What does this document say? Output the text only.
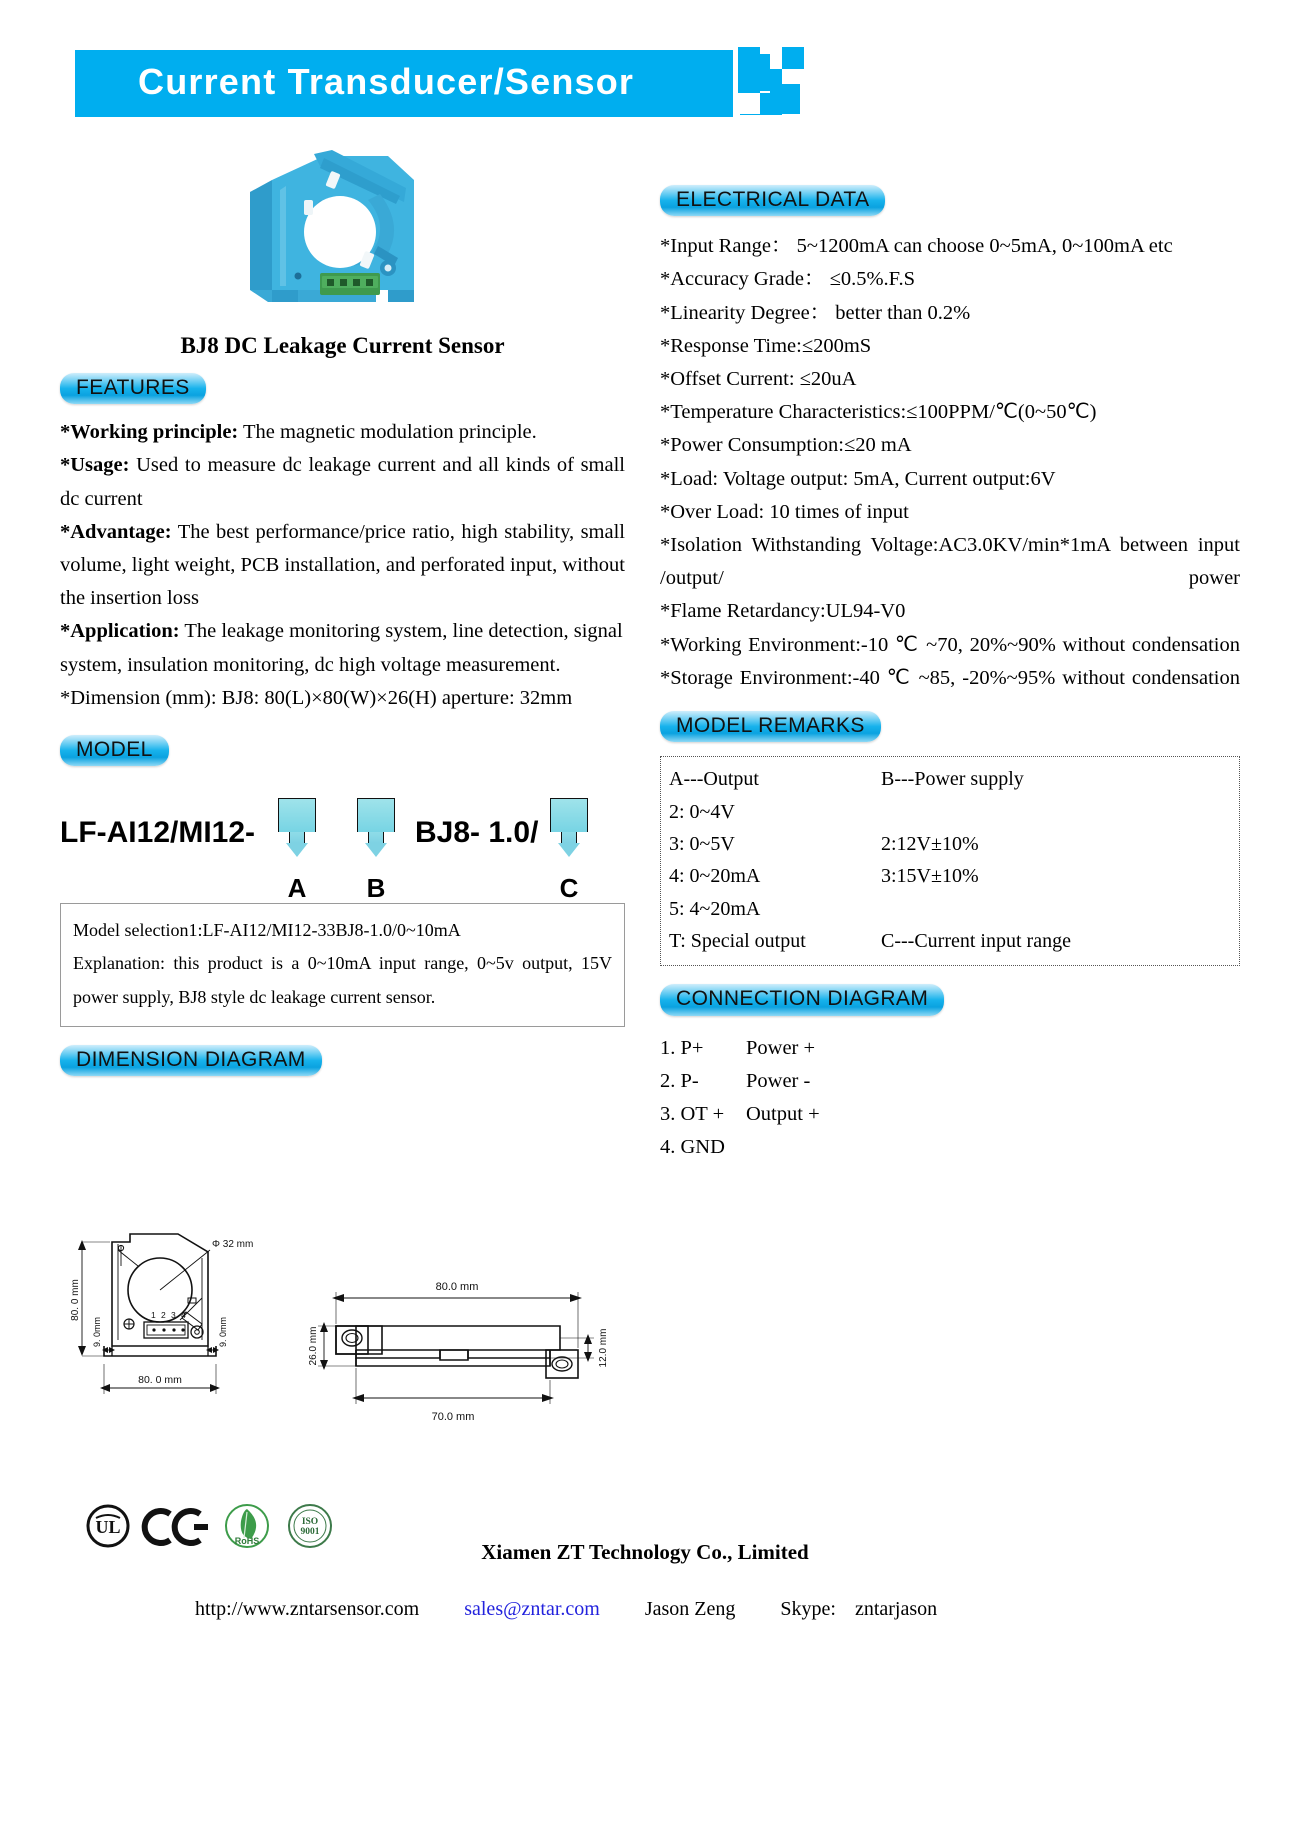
Current Transducer/Sensor
BJ8 DC Leakage Current Sensor
FEATURES

*Working principle: The magnetic modulation principle.

*Usage: Used to measure dc leakage current and all kinds of small dc current

*Advantage: The best performance/price ratio, high stability, small volume, light weight, PCB installation, and perforated input, without the insertion loss

*Application: The leakage monitoring system, line detection, signal

system, insulation monitoring, dc high voltage measurement.

*Dimension (mm): BJ8: 80(L)×80(W)×26(H) aperture: 32mm

MODEL
LF-AI12/MI12-
A	B
BJ8- 1.0/
C

Model selection1:LF-AI12/MI12-33BJ8-1.0/0~10mA

Explanation: this product is a 0~10mA input range, 0~5v output, 15V

power supply, BJ8 style dc leakage current sensor.

DIMENSION DIAGRAM
ELECTRICAL DATA

*Input Range： 5~1200mA can choose 0~5mA, 0~100mA etc

*Accuracy Grade： ≤0.5%.F.S

*Linearity Degree： better than 0.2%

*Response Time:≤200mS

*Offset Current: ≤20uA

*Temperature Characteristics:≤100PPM/℃(0~50℃)

*Power Consumption:≤20 mA

*Load: Voltage output: 5mA, Current output:6V

*Over Load: 10 times of input

*Isolation Withstanding Voltage:AC3.0KV/min*1mA between input /output/ power

*Flame Retardancy:UL94-V0

*Working Environment:-10 ℃ ~70, 20%~90% without condensation

*Storage Environment:-40 ℃ ~85, -20%~95% without condensation

MODEL REMARKS
A---Output	B---Power supply
2: 0~4V
3: 0~5V	2:12V±10%
4: 0~20mA	3:15V±10%
5: 4~20mA
T: Special output	C---Current input range
CONNECTION DIAGRAM
1. P+	Power +
2. P-	Power -
3. OT +	Output +
4. GND
Φ 32 mm
1 2 3 4
80. 0 mm
9. 0mm	9. 0mm
80. 0 mm
80.0 mm
70.0 mm
26.0 mm	12.0 mm
UL
RoHS
ISO
9001
Xiamen ZT Technology Co., Limited
http://www.zntarsensor.com sales@zntar.com Jason Zeng Skype: zntarjason
